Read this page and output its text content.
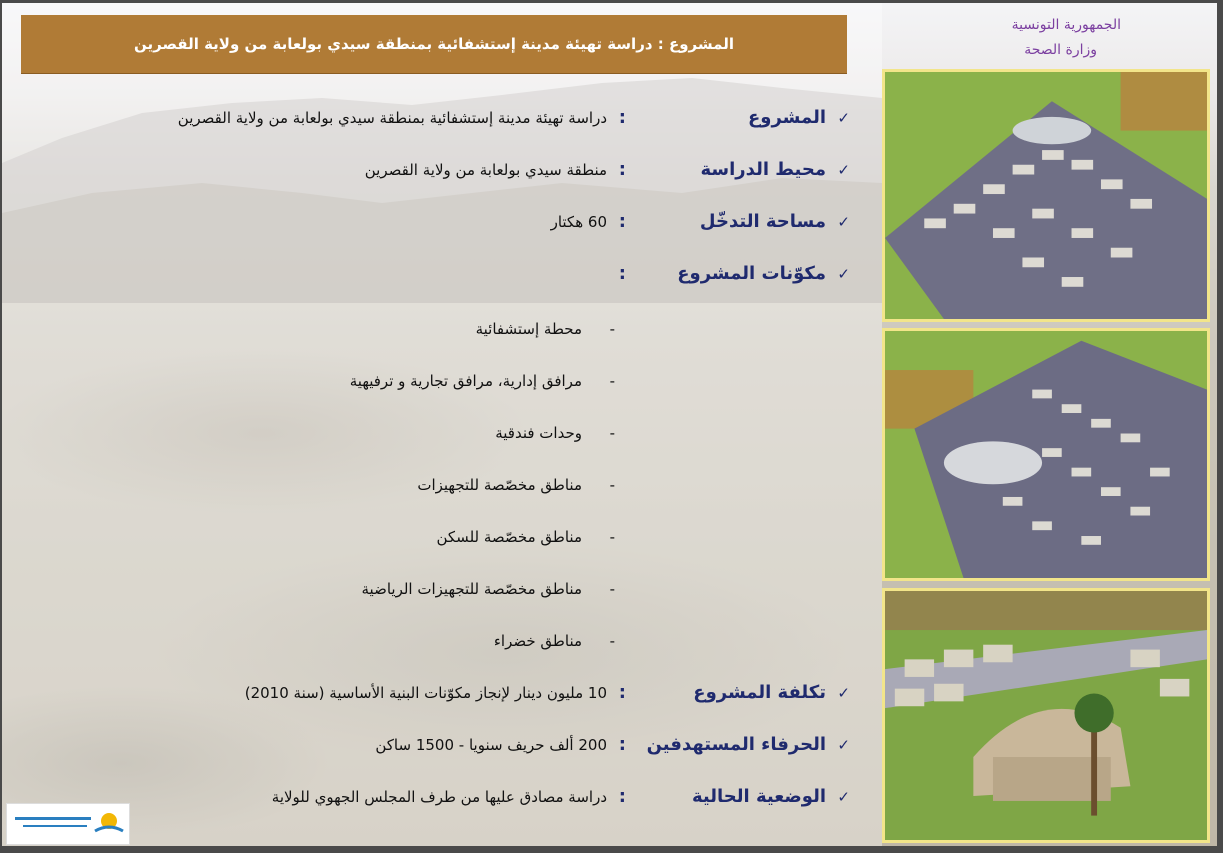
المشروع : دراسة تهيئة مدينة إستشفائية بمنطقة سيدي بولعابة من ولاية القصرين
الجمهورية التونسية
وزارة الصحة
✓
المشروع
:
دراسة تهيئة مدينة إستشفائية بمنطقة سيدي بولعابة من ولاية القصرين
✓
محيط الدراسة
:
منطقة سيدي بولعابة من ولاية القصرين
✓
مساحة التدخّل
:
60 هكتار
✓
مكوّنات المشروع
:
-
محطة إستشفائية
-
مرافق إدارية، مرافق تجارية و ترفيهية
-
وحدات فندقية
-
مناطق مخصّصة للتجهيزات
-
مناطق مخصّصة للسكن
-
مناطق مخصّصة للتجهيزات الرياضية
-
مناطق خضراء
✓
تكلفة المشروع
:
10 مليون دينار لإنجاز مكوّنات البنية الأساسية (سنة 2010)
✓
الحرفاء المستهدفين
:
200 ألف حريف سنويا - 1500 ساكن
✓
الوضعية الحالية
:
دراسة مصادق عليها من طرف المجلس الجهوي للولاية
